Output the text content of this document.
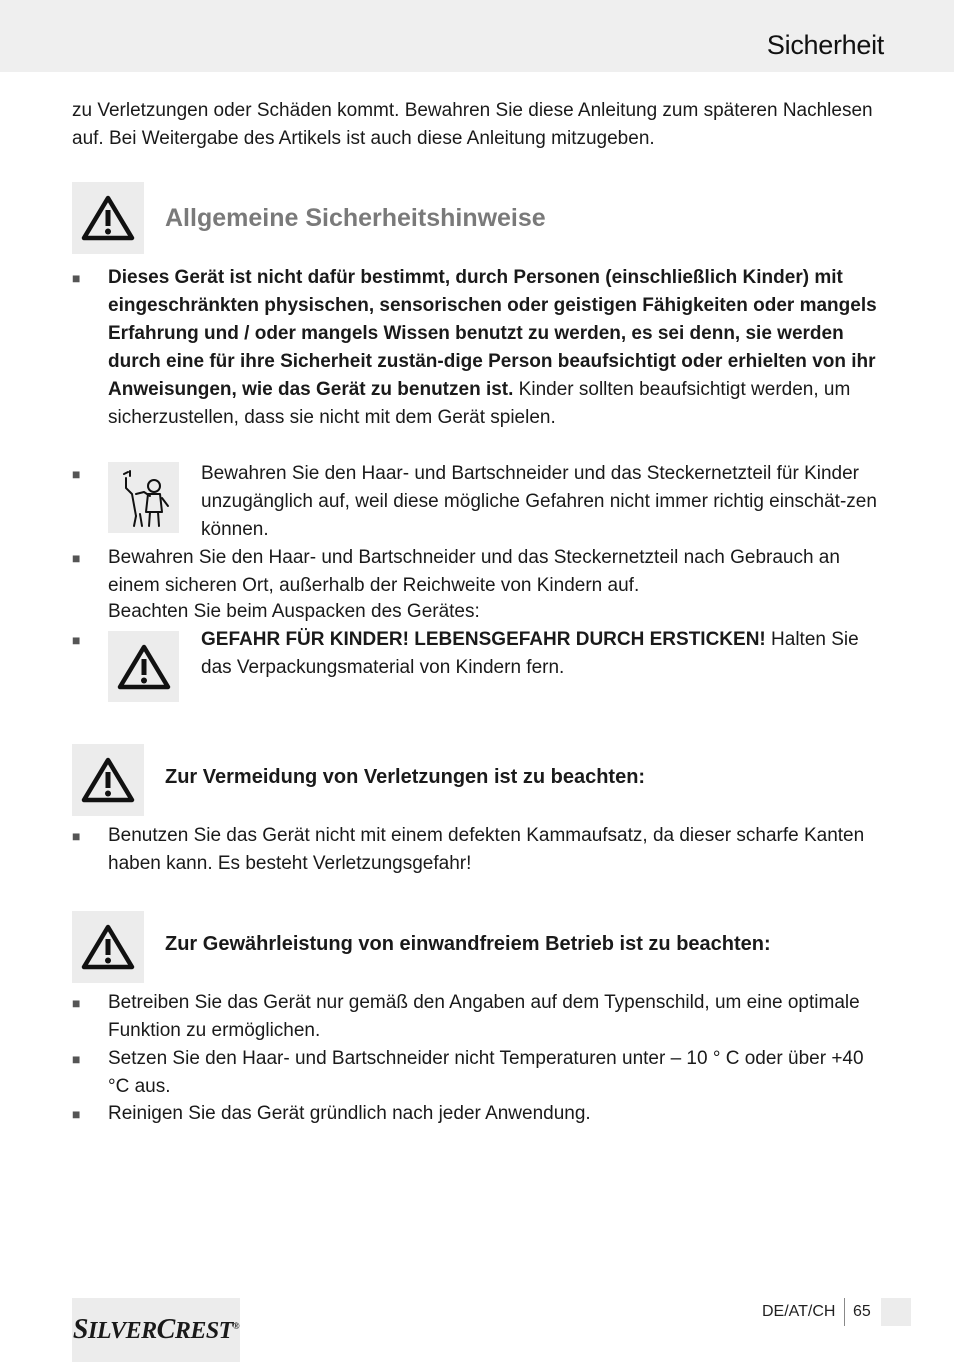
Sicherheit
zu Verletzungen oder Schäden kommt. Bewahren Sie diese Anleitung zum späteren Nachlesen auf. Bei Weitergabe des Artikels ist auch diese Anleitung mitzugeben.
Allgemeine Sicherheitshinweise
■ Dieses Gerät ist nicht dafür bestimmt, durch Personen (einschließlich Kinder) mit eingeschränkten physischen, sensorischen oder geistigen Fähigkeiten oder mangels Erfahrung und / oder mangels Wissen benutzt zu werden, es sei denn, sie werden durch eine für ihre Sicherheit zustän-dige Person beaufsichtigt oder erhielten von ihr Anweisungen, wie das Gerät zu benutzen ist. Kinder sollten beaufsichtigt werden, um sicherzustellen, dass sie nicht mit dem Gerät spielen.
■	Bewahren Sie den Haar- und Bartschneider und das Steckernetzteil für Kinder unzugänglich auf, weil diese mögliche Gefahren nicht immer richtig einschät-zen können.
■ Bewahren Sie den Haar- und Bartschneider und das Steckernetzteil nach Gebrauch an einem sicheren Ort, außerhalb der Reichweite von Kindern auf.
Beachten Sie beim Auspacken des Gerätes:
■	GEFAHR FÜR KINDER! LEBENSGEFAHR DURCH ERSTICKEN! Halten Sie das Verpackungsmaterial von Kindern fern.
Zur Vermeidung von Verletzungen ist zu beachten:
■ Benutzen Sie das Gerät nicht mit einem defekten Kammaufsatz, da dieser scharfe Kanten haben kann. Es besteht Verletzungsgefahr!
Zur Gewährleistung von einwandfreiem Betrieb ist zu beachten:
■ Betreiben Sie das Gerät nur gemäß den Angaben auf dem Typenschild, um eine optimale Funktion zu ermöglichen.
■ Setzen Sie den Haar- und Bartschneider nicht Temperaturen unter – 10 ° C oder über +40 °C aus.
■ Reinigen Sie das Gerät gründlich nach jeder Anwendung.
SILVERCREST®
DE/AT/CH 65
